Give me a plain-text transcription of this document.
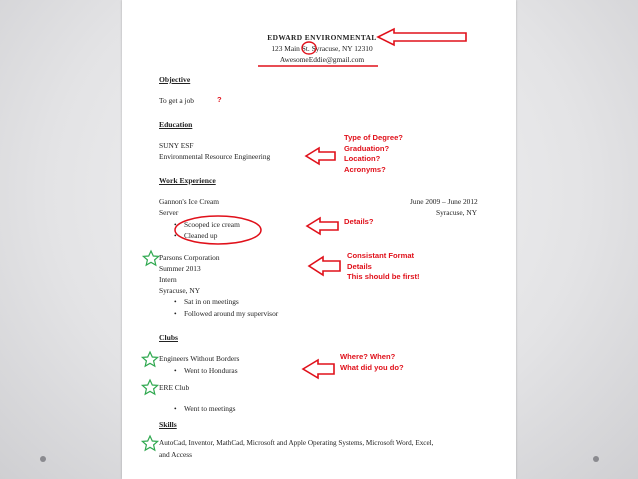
EDWARD ENVIRONMENTAL
123 Main St. Syracuse, NY 12310
AwesomeEddie@gmail.com
Objective
To get a job
Education
SUNY ESF
Environmental Resource Engineering
Work Experience
Gannon's Ice Cream	June 2009 – June 2012
Server	Syracuse, NY
• Scooped ice cream
• Cleaned up
Parsons Corporation
Summer 2013
Intern
Syracuse, NY
• Sat in on meetings
• Followed around my supervisor
Clubs
Engineers Without Borders
• Went to Honduras
ERE Club
• Went to meetings
Skills
AutoCad, Inventor, MathCad, Microsoft and Apple Operating Systems, Microsoft Word, Excel,
and Access
?
Type of Degree?
Graduation?
Location?
Acronyms?
Details?
Consistant Format
Details
This should be first!
Where? When?
What did you do?
